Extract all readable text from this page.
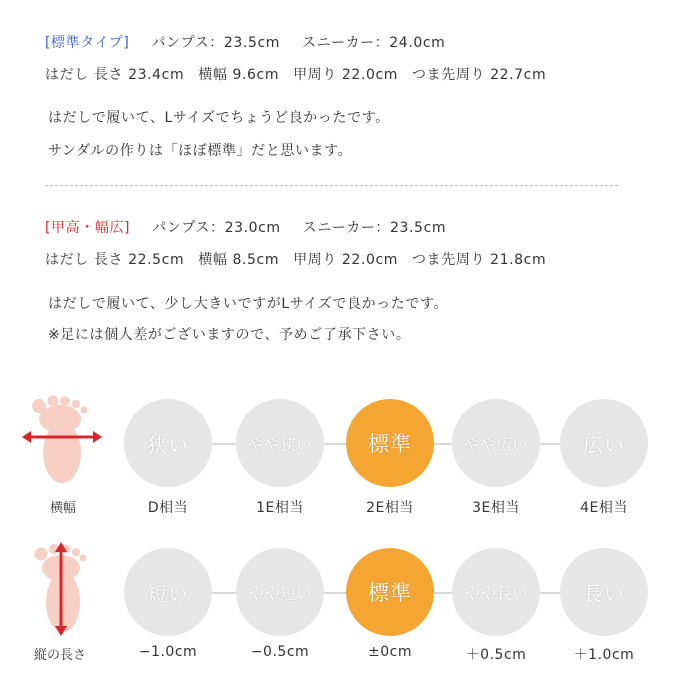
[標準タイプ] パンプス：23.5cm スニーカー：24.0cm
はだし 長さ 23.4cm 横幅 9.6cm 甲周り 22.0cm つま先周り 22.7cm
はだしで履いて、Lサイズでちょうど良かったです。
サンダルの作りは「ほぼ標準」だと思います。
[甲高・幅広] パンプス：23.0cm スニーカー：23.5cm
はだし 長さ 22.5cm 横幅 8.5cm 甲周り 22.0cm つま先周り 21.8cm
はだしで履いて、少し大きいですがLサイズで良かったです。
※足には個人差がございますので、予めご了承下さい。
横幅
狭い	やや狭い	標準	やや広い	広い
D相当	1E相当	2E相当	3E相当	4E相当
縦の長さ
短い	やや短い	標準	やや長い	長い
−1.0cm	−0.5cm	±0cm	＋0.5cm	＋1.0cm
